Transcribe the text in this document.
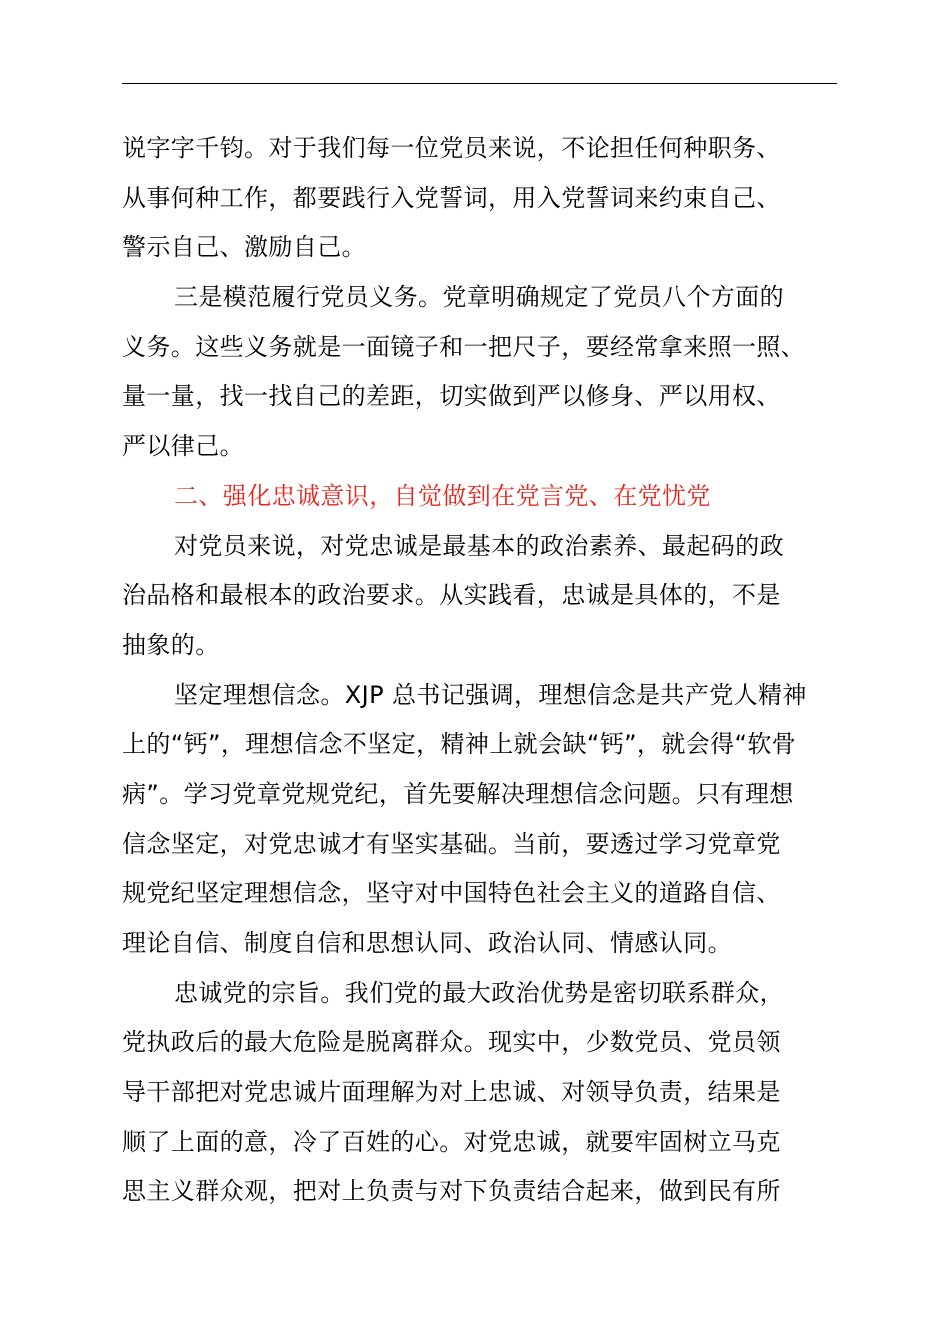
说字字千钧。对于我们每一位党员来说，不论担任何种职务、
从事何种工作，都要践行入党誓词，用入党誓词来约束自己、
警示自己、激励自己。
三是模范履行党员义务。党章明确规定了党员八个方面的
义务。这些义务就是一面镜子和一把尺子，要经常拿来照一照、
量一量，找一找自己的差距，切实做到严以修身、严以用权、
严以律己。
二、强化忠诚意识，自觉做到在党言党、在党忧党
对党员来说，对党忠诚是最基本的政治素养、最起码的政
治品格和最根本的政治要求。从实践看，忠诚是具体的，不是
抽象的。
坚定理想信念。XJP 总书记强调，理想信念是共产党人精神
上的“钙”，理想信念不坚定，精神上就会缺“钙”，就会得“软骨
病”。学习党章党规党纪，首先要解决理想信念问题。只有理想
信念坚定，对党忠诚才有坚实基础。当前，要透过学习党章党
规党纪坚定理想信念，坚守对中国特色社会主义的道路自信、
理论自信、制度自信和思想认同、政治认同、情感认同。
忠诚党的宗旨。我们党的最大政治优势是密切联系群众，
党执政后的最大危险是脱离群众。现实中，少数党员、党员领
导干部把对党忠诚片面理解为对上忠诚、对领导负责，结果是
顺了上面的意，冷了百姓的心。对党忠诚，就要牢固树立马克
思主义群众观，把对上负责与对下负责结合起来，做到民有所
